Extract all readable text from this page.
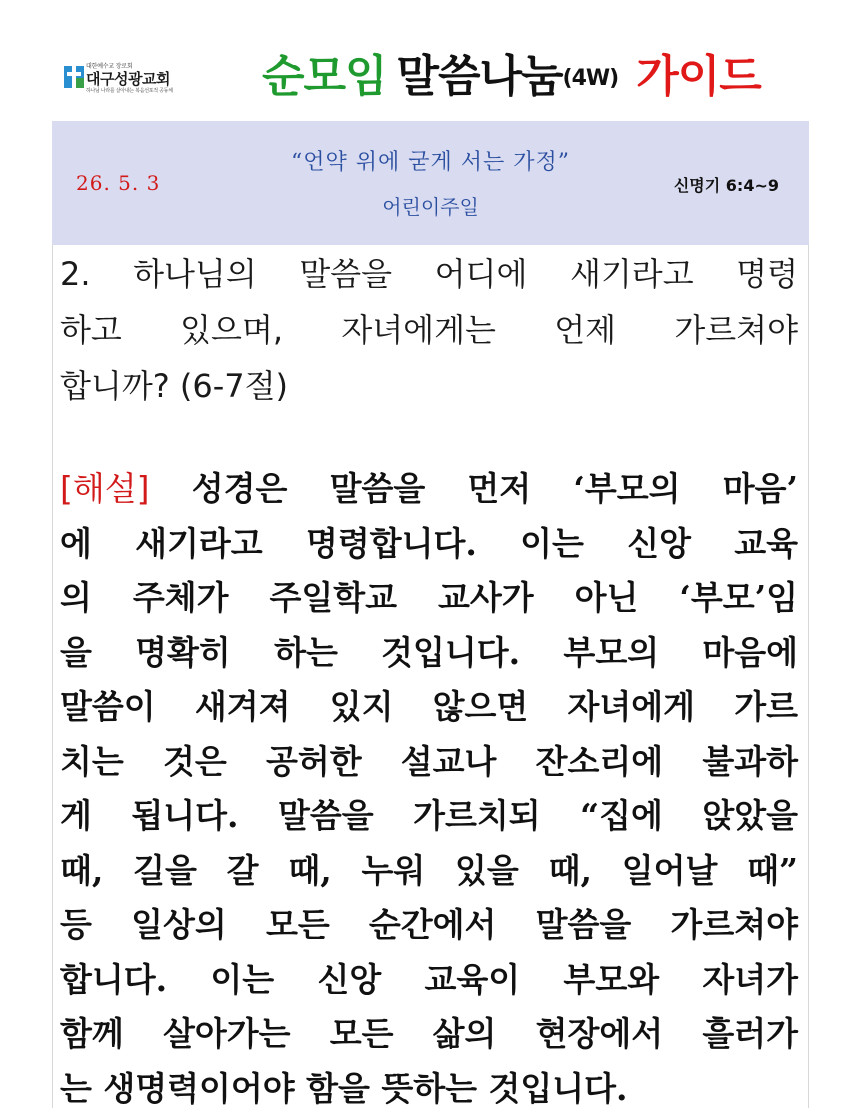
대한예수교 장로회
대구성광교회
하나님 나라를 살아내는 복음선포적 공동체 순모임 말씀나눔(4W) 가이드
26. 5. 3
“언약 위에 굳게 서는 가정”
어린이주일
신명기 6:4~9
2. 하나님의 말씀을 어디에 새기라고 명령
하고 있으며, 자녀에게는 언제 가르쳐야
합니까? (6-7절)
[해설] 성경은 말씀을 먼저 ‘부모의 마음’
에 새기라고 명령합니다. 이는 신앙 교육
의 주체가 주일학교 교사가 아닌 ‘부모’임
을 명확히 하는 것입니다. 부모의 마음에
말씀이 새겨져 있지 않으면 자녀에게 가르
치는 것은 공허한 설교나 잔소리에 불과하
게 됩니다. 말씀을 가르치되 “집에 앉았을
때, 길을 갈 때, 누워 있을 때, 일어날 때”
등 일상의 모든 순간에서 말씀을 가르쳐야
합니다. 이는 신앙 교육이 부모와 자녀가
함께 살아가는 모든 삶의 현장에서 흘러가
는 생명력이어야 함을 뜻하는 것입니다.
